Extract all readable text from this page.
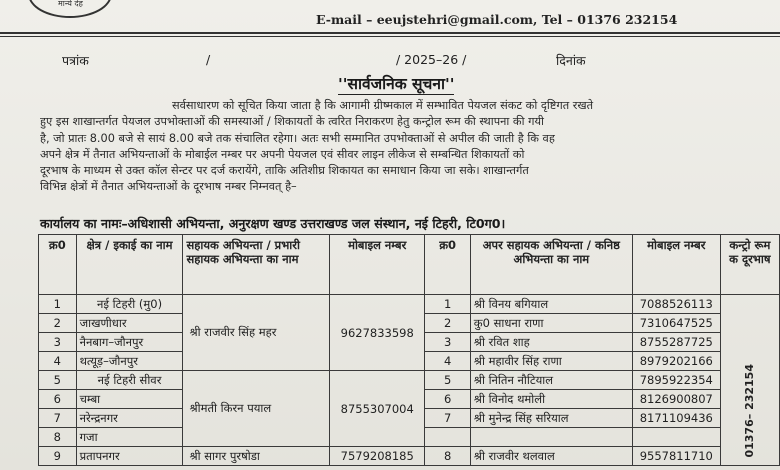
मान्ये देह
E-mail – eeujstehri@gmail.com, Tel – 01376 232154
पत्रांक	/	/ 2025–26 /	दिनांक
''सार्वजनिक सूचना''
सर्वसाधारण को सूचित किया जाता है कि आगामी ग्रीष्मकाल में सम्भावित पेयजल संकट को दृष्टिगत रखते
हुए इस शाखान्तर्गत पेयजल उपभोक्ताओं की समस्याओं / शिकायतों के त्वरित निराकरण हेतु कन्ट्रोल रूम की स्थापना की गयी
है, जो प्रातः 8.00 बजे से सायं 8.00 बजे तक संचालित रहेगा। अतः सभी सम्मानित उपभोक्ताओं से अपील की जाती है कि वह
अपने क्षेत्र में तैनात अभियन्ताओं के मोबाईल नम्बर पर अपनी पेयजल एवं सीवर लाइन लीकेज से सम्बन्धित शिकायतों को
दूरभाष के माध्यम से उक्त कॉल सेन्टर पर दर्ज करायेंगे, ताकि अतिशीघ्र शिकायत का समाधान किया जा सके। शाखान्तर्गत
विभिन्न क्षेत्रों में तैनात अभियन्ताओं के दूरभाष नम्बर निम्नवत् है–
कार्यालय का नामः–अधिशासी अभियन्ता, अनुरक्षण खण्ड उत्तराखण्ड जल संस्थान, नई टिहरी, टि0ग0।
क्र0	क्षेत्र / इकाई का नाम	सहायक अभियन्ता / प्रभारी सहायक अभियन्ता का नाम	मोबाइल नम्बर	क्र0	अपर सहायक अभियन्ता / कनिष्ठ अभियन्ता का नाम	मोबाइल नम्बर	कन्ट्रो रूम क दूरभाष
1	नई टिहरी (मु0)	श्री राजवीर सिंह महर	9627833598	1	श्री विनय बगियाल	7088526113	01376– 232154
2	जाखणीधार			2	कु0 साधना राणा	7310647525	
3	नैनबाग–जौनपुर			3	श्री रवित शाह	8755287725	
4	थत्यूड़–जौनपुर			4	श्री महावीर सिंह राणा	8979202166	
5	नई टिहरी सीवर	श्रीमती किरन पयाल	8755307004	5	श्री नितिन नौटियाल	7895922354	
6	चम्बा			6	श्री विनोद थमोली	8126900807	
7	नरेन्द्रनगर			7	श्री मुनेन्द्र सिंह सरियाल	8171109436	
8	गजा						
9	प्रतापनगर	श्री सागर पुरषोडा	7579208185	8	श्री राजवीर थलवाल	9557811710	
